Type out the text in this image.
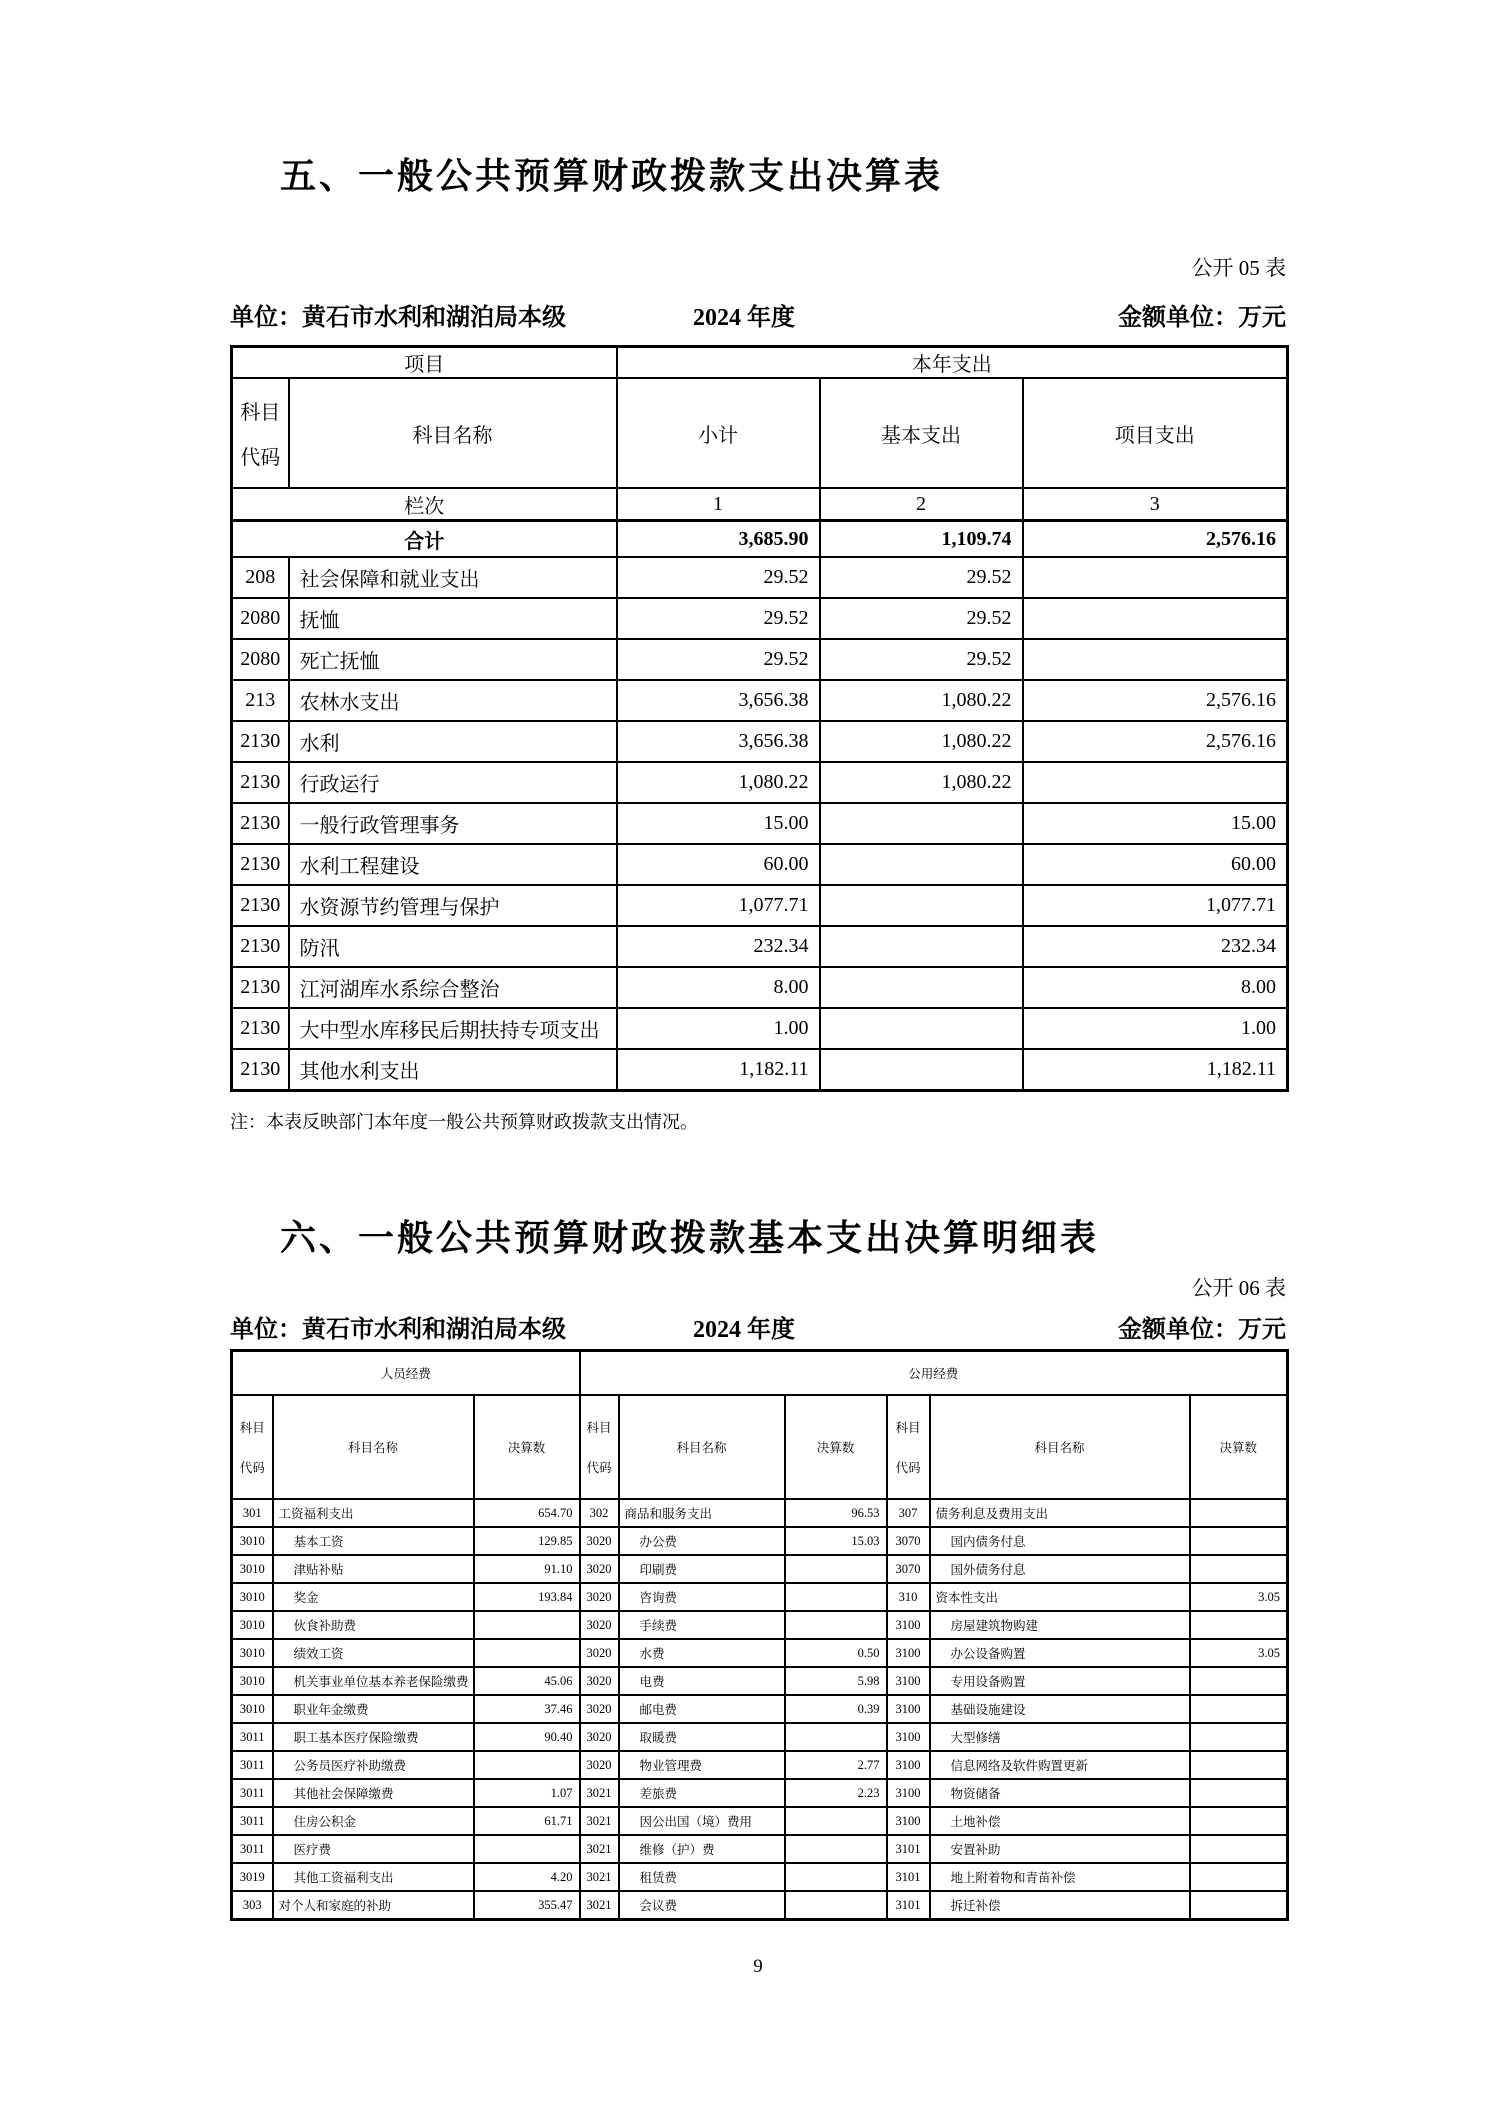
五、一般公共预算财政拨款支出决算表
公开 05 表
单位：黄石市水利和湖泊局本级	2024 年度	金额单位：万元
项目		本年支出		

科目
代码	科目名称	小计	基本支出	项目支出
栏次		1	2	3
合计		3,685.90	1,109.74	2,576.16
208	社会保障和就业支出	29.52	29.52	
2080	抚恤	29.52	29.52	
2080	死亡抚恤	29.52	29.52	
213	农林水支出	3,656.38	1,080.22	2,576.16
2130	水利	3,656.38	1,080.22	2,576.16
2130	行政运行	1,080.22	1,080.22	
2130	一般行政管理事务	15.00		15.00
2130	水利工程建设	60.00		60.00
2130	水资源节约管理与保护	1,077.71		1,077.71
2130	防汛	232.34		232.34
2130	江河湖库水系综合整治	8.00		8.00
2130	大中型水库移民后期扶持专项支出	1.00		1.00
2130	其他水利支出	1,182.11		1,182.11
注：本表反映部门本年度一般公共预算财政拨款支出情况。
六、一般公共预算财政拨款基本支出决算明细表
公开 06 表
单位：黄石市水利和湖泊局本级	2024 年度	金额单位：万元
人员经费			公用经费					

科目
代码	科目名称	决算数	科目
代码	科目名称	决算数	科目
代码	科目名称	决算数
301	工资福利支出	654.70	302	商品和服务支出	96.53	307	债务利息及费用支出	
3010	基本工资	129.85	3020	办公费	15.03	3070	国内债务付息	
3010	津贴补贴	91.10	3020	印刷费		3070	国外债务付息	
3010	奖金	193.84	3020	咨询费		310	资本性支出	3.05
3010	伙食补助费		3020	手续费		3100	房屋建筑物购建	
3010	绩效工资		3020	水费	0.50	3100	办公设备购置	3.05
3010	机关事业单位基本养老保险缴费	45.06	3020	电费	5.98	3100	专用设备购置	
3010	职业年金缴费	37.46	3020	邮电费	0.39	3100	基础设施建设	
3011	职工基本医疗保险缴费	90.40	3020	取暖费		3100	大型修缮	
3011	公务员医疗补助缴费		3020	物业管理费	2.77	3100	信息网络及软件购置更新	
3011	其他社会保障缴费	1.07	3021	差旅费	2.23	3100	物资储备	
3011	住房公积金	61.71	3021	因公出国（境）费用		3100	土地补偿	
3011	医疗费		3021	维修（护）费		3101	安置补助	
3019	其他工资福利支出	4.20	3021	租赁费		3101	地上附着物和青苗补偿	
303	对个人和家庭的补助	355.47	3021	会议费		3101	拆迁补偿	
9
